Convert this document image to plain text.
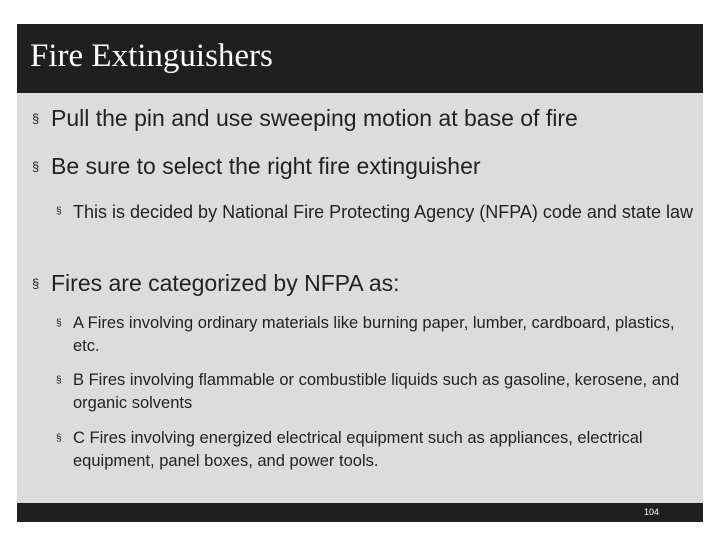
Fire Extinguishers
§ Pull the pin and use sweeping motion at base of fire
§ Be sure to select the right fire extinguisher
§ This is decided by National Fire Protecting Agency (NFPA) code and state law
§ Fires are categorized by NFPA as:
§ A Fires involving ordinary materials like burning paper, lumber, cardboard, plastics, etc.
§ B Fires involving flammable or combustible liquids such as gasoline, kerosene, and organic solvents
§ C Fires involving energized electrical equipment such as appliances, electrical equipment, panel boxes, and power tools.
104
